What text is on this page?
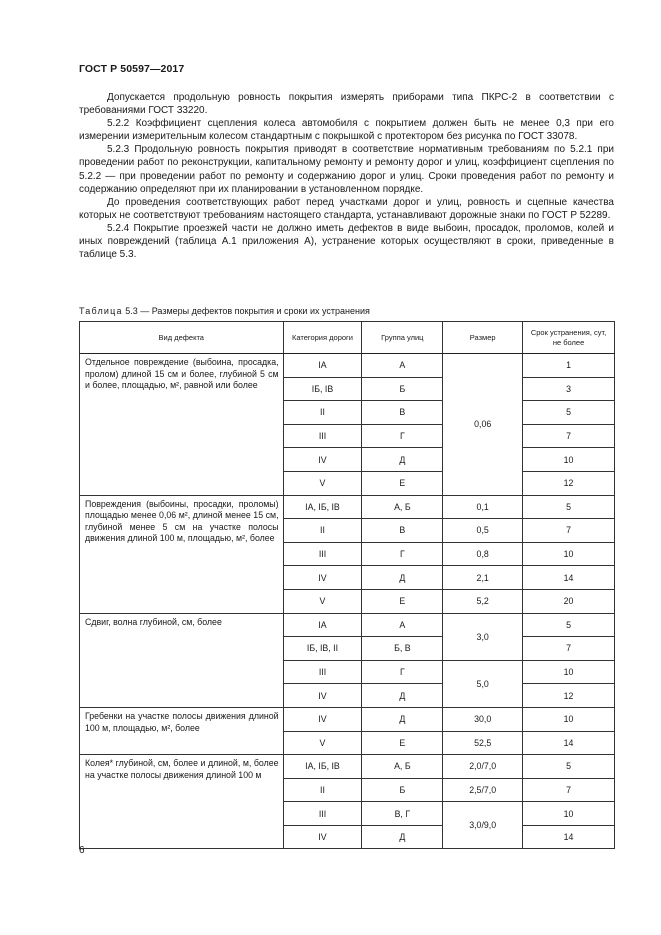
ГОСТ Р 50597—2017

Допускается продольную ровность покрытия измерять приборами типа ПКРС-2 в соответствии с требованиями ГОСТ 33220.

5.2.2 Коэффициент сцепления колеса автомобиля с покрытием должен быть не менее 0,3 при его измерении измерительным колесом стандартным с покрышкой с протектором без рисунка по ГОСТ 33078.

5.2.3 Продольную ровность покрытия приводят в соответствие нормативным требованиям по 5.2.1 при проведении работ по реконструкции, капитальному ремонту и ремонту дорог и улиц, коэффициент сцепления по 5.2.2 — при проведении работ по ремонту и содержанию дорог и улиц. Сроки проведения работ по ремонту и содержанию определяют при их планировании в установленном порядке.

До проведения соответствующих работ перед участками дорог и улиц, ровность и сцепные качества которых не соответствуют требованиям настоящего стандарта, устанавливают дорожные знаки по ГОСТ Р 52289.

5.2.4 Покрытие проезжей части не должно иметь дефектов в виде выбоин, просадок, проломов, колей и иных повреждений (таблица А.1 приложения А), устранение которых осуществляют в сроки, приведенные в таблице 5.3.

Таблица 5.3 — Размеры дефектов покрытия и сроки их устранения
Вид дефекта	Категория дороги	Группа улиц	Размер	Срок устранения, сут, не более
Отдельное повреждение (выбоина, просадка, пролом) длиной 15 см и более, глубиной 5 см и более, площадью, м², равной или более	IА	А	0,06	1
	IБ, IВ	Б		3
	II	В		5
	III	Г		7
	IV	Д		10
	V	Е		12
Повреждения (выбоины, просадки, проломы) площадью менее 0,06 м², длиной менее 15 см, глубиной менее 5 см на участке полосы движения длиной 100 м, площадью, м², более	IА, IБ, IВ	А, Б	0,1	5
	II	В	0,5	7
	III	Г	0,8	10
	IV	Д	2,1	14
	V	Е	5,2	20
Сдвиг, волна глубиной, см, более	IА	А	3,0	5
	IБ, IВ, II	Б, В		7
	III	Г	5,0	10
	IV	Д		12
Гребенки на участке полосы движения длиной 100 м, площадью, м², более	IV	Д	30,0	10
	V	Е	52,5	14
Колея* глубиной, см, более и длиной, м, более на участке полосы движения длиной 100 м	IА, IБ, IВ	А, Б	2,0/7,0	5
	II	Б	2,5/7,0	7
	III	В, Г	3,0/9,0	10
	IV	Д		14
6
